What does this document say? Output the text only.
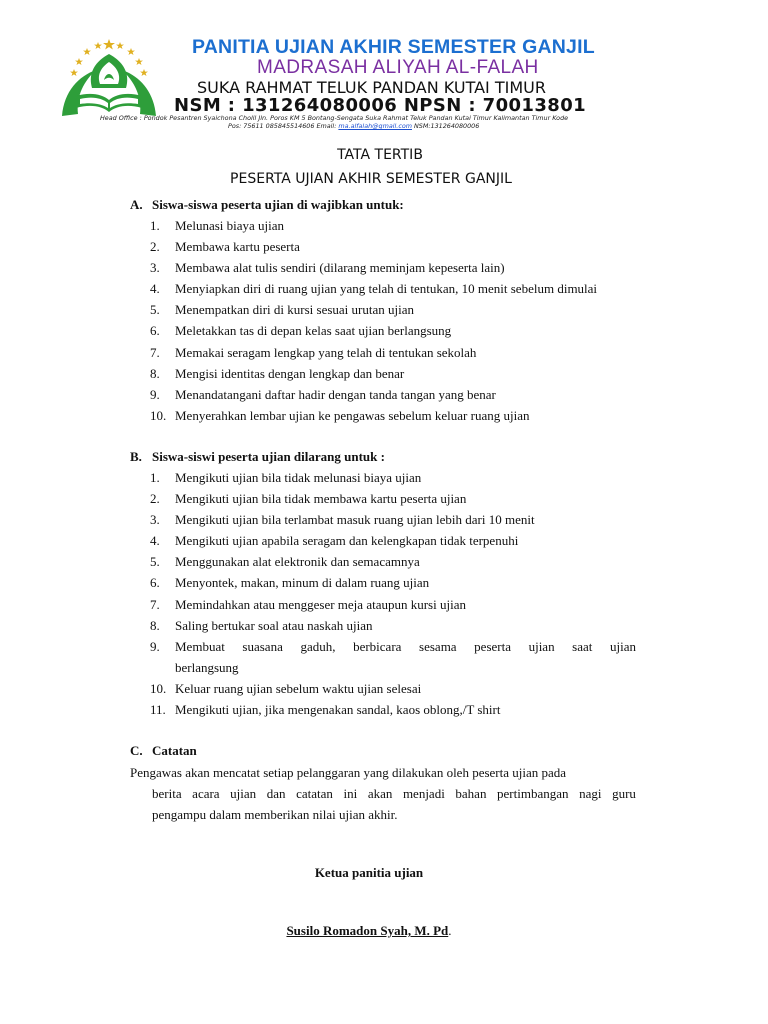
PANITIA UJIAN AKHIR SEMESTER GANJIL
MADRASAH ALIYAH AL-FALAH
SUKA RAHMAT TELUK PANDAN KUTAI TIMUR
NSM : 131264080006 NPSN : 70013801
Head Office : Pondok Pesantren Syaichona Cholil Jln. Poros KM 5 Bontang-Sengata Suka Rahmat Teluk Pandan Kutai Timur Kalimantan Timur Kode
Pos: 75611 085845514606 Email: ma.alfalah@gmail.com NSM:131264080006
TATA TERTIB
PESERTA UJIAN AKHIR SEMESTER GANJIL
A. Siswa-siswa peserta ujian di wajibkan untuk:
1. Melunasi biaya ujian
2. Membawa kartu peserta
3. Membawa alat tulis sendiri (dilarang meminjam kepeserta lain)
4. Menyiapkan diri di ruang ujian yang telah di tentukan, 10 menit sebelum dimulai
5. Menempatkan diri di kursi sesuai urutan ujian
6. Meletakkan tas di depan kelas saat ujian berlangsung
7. Memakai seragam lengkap yang telah di tentukan sekolah
8. Mengisi identitas dengan lengkap dan benar
9. Menandatangani daftar hadir dengan tanda tangan yang benar
10. Menyerahkan lembar ujian ke pengawas sebelum keluar ruang ujian
B. Siswa-siswi peserta ujian dilarang untuk :
1. Mengikuti ujian bila tidak melunasi biaya ujian
2. Mengikuti ujian bila tidak membawa kartu peserta ujian
3. Mengikuti ujian bila terlambat masuk ruang ujian lebih dari 10 menit
4. Mengikuti ujian apabila seragam dan kelengkapan tidak terpenuhi
5. Menggunakan alat elektronik dan semacamnya
6. Menyontek, makan, minum di dalam ruang ujian
7. Memindahkan atau menggeser meja ataupun kursi ujian
8. Saling bertukar soal atau naskah ujian
9. Membuat suasana gaduh, berbicara sesama peserta ujian saat ujian
berlangsung
10. Keluar ruang ujian sebelum waktu ujian selesai
11. Mengikuti ujian, jika mengenakan sandal, kaos oblong,/T shirt
C. Catatan
Pengawas akan mencatat setiap pelanggaran yang dilakukan oleh peserta ujian pada
berita acara ujian dan catatan ini akan menjadi bahan pertimbangan nagi guru
pengampu dalam memberikan nilai ujian akhir.
Ketua panitia ujian
Susilo Romadon Syah, M. Pd.
